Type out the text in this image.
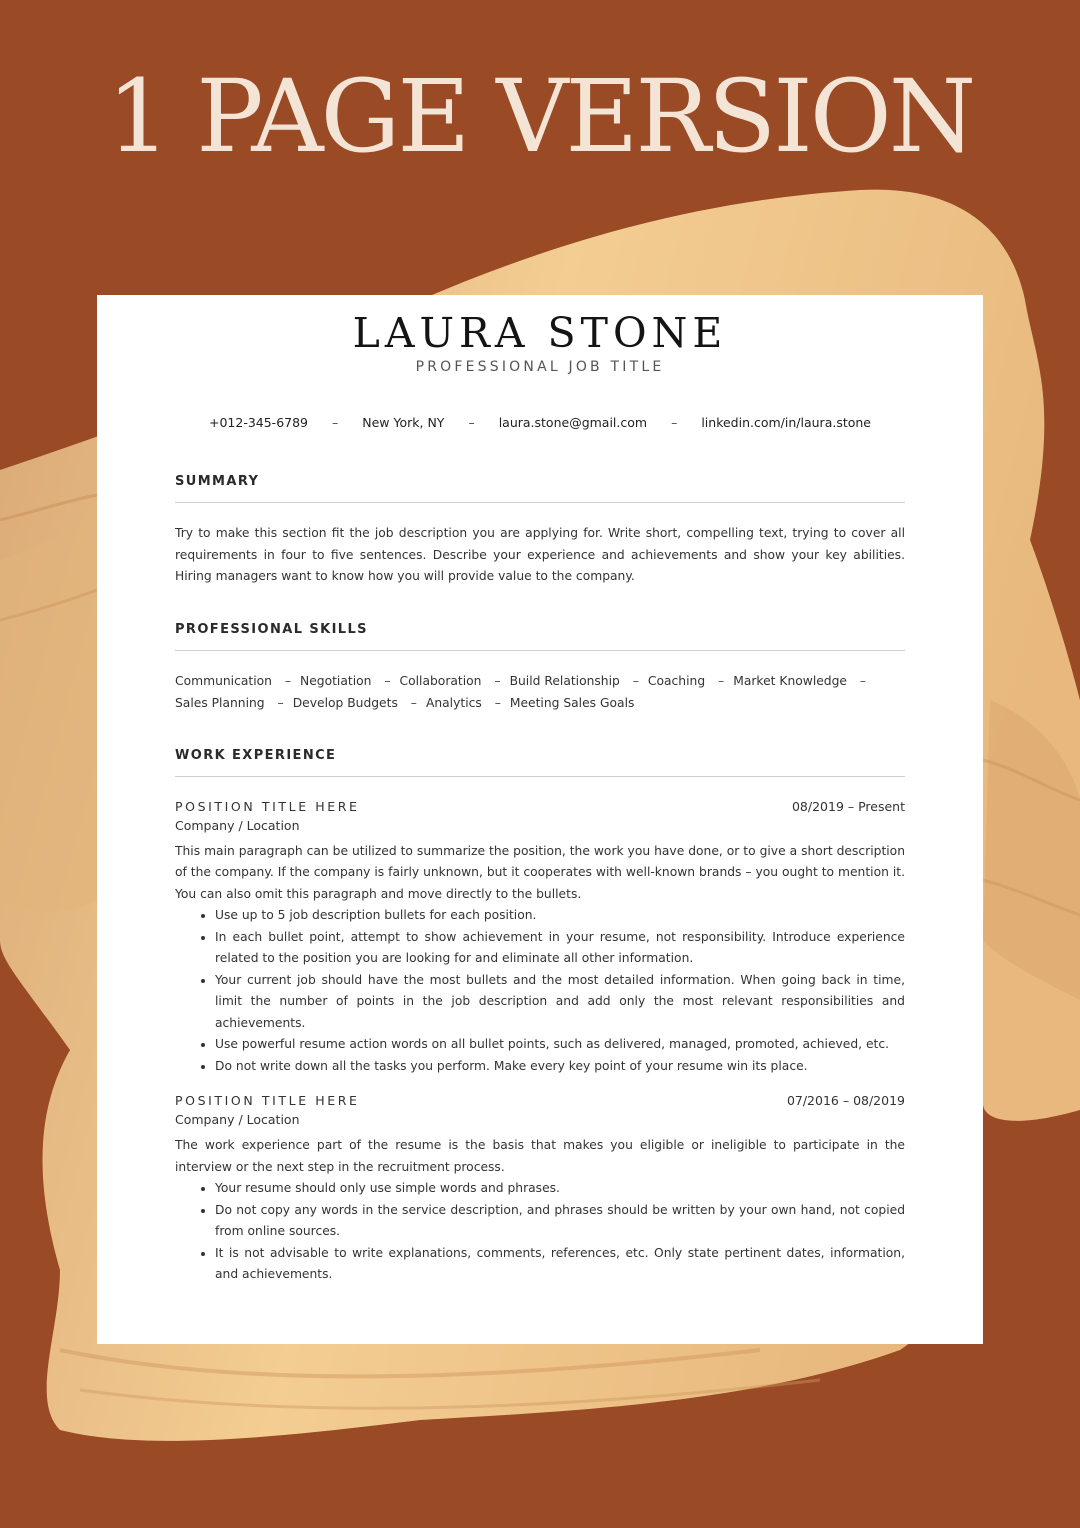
1 PAGE VERSION
LAURA STONE
PROFESSIONAL JOB TITLE
+012-345-6789 – New York, NY – laura.stone@gmail.com – linkedin.com/in/laura.stone
SUMMARY
Try to make this section fit the job description you are applying for. Write short, compelling text, trying to cover all requirements in four to five sentences. Describe your experience and achievements and show your key abilities. Hiring managers want to know how you will provide value to the company.
PROFESSIONAL SKILLS
Communication – Negotiation – Collaboration – Build Relationship – Coaching – Market Knowledge –Sales Planning – Develop Budgets – Analytics – Meeting Sales Goals
WORK EXPERIENCE
POSITION TITLE HERE	08/2019 – Present
Company / Location
This main paragraph can be utilized to summarize the position, the work you have done, or to give a short description of the company. If the company is fairly unknown, but it cooperates with well-known brands – you ought to mention it. You can also omit this paragraph and move directly to the bullets.
• Use up to 5 job description bullets for each position.
• In each bullet point, attempt to show achievement in your resume, not responsibility. Introduce experience related to the position you are looking for and eliminate all other information.
• Your current job should have the most bullets and the most detailed information. When going back in time, limit the number of points in the job description and add only the most relevant responsibilities and achievements.
• Use powerful resume action words on all bullet points, such as delivered, managed, promoted, achieved, etc.
• Do not write down all the tasks you perform. Make every key point of your resume win its place.
POSITION TITLE HERE	07/2016 – 08/2019
Company / Location
The work experience part of the resume is the basis that makes you eligible or ineligible to participate in the interview or the next step in the recruitment process.
• Your resume should only use simple words and phrases.
• Do not copy any words in the service description, and phrases should be written by your own hand, not copied from online sources.
• It is not advisable to write explanations, comments, references, etc. Only state pertinent dates, information, and achievements.
